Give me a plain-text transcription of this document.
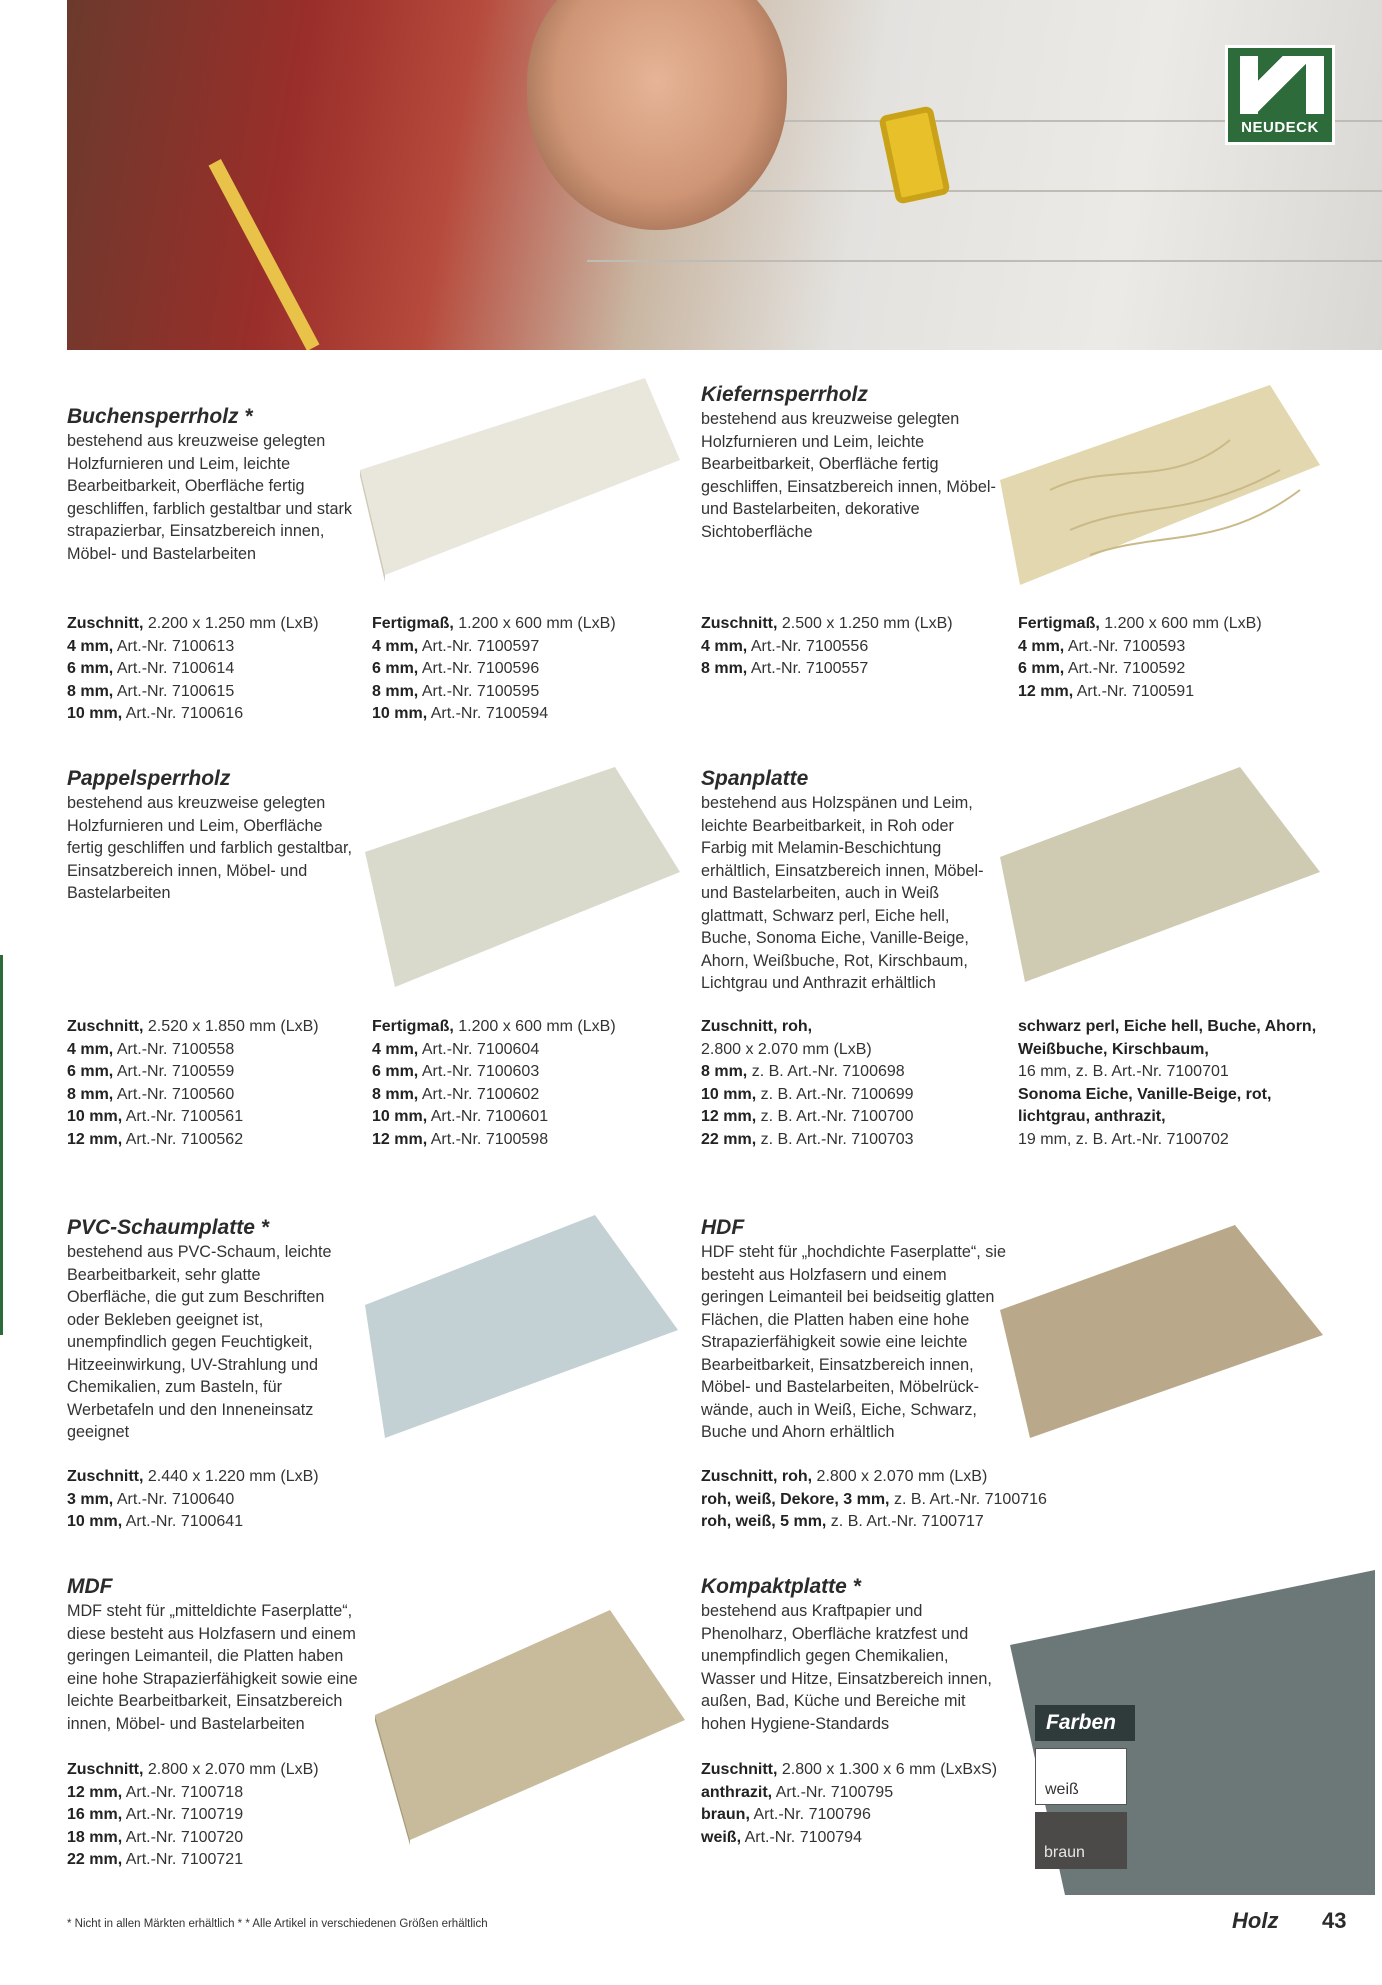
NEUDECK
Buchensperrholz *
bestehend aus kreuzweise gelegten Holzfurnieren und Leim, leichte Bearbeitbarkeit, Oberfläche fertig geschliffen, farblich gestaltbar und stark strapazierbar, Einsatzbereich innen, Möbel- und Bastelarbeiten
Zuschnitt, 2.200 x 1.250 mm (LxB)
4 mm, Art.-Nr. 7100613
6 mm, Art.-Nr. 7100614
8 mm, Art.-Nr. 7100615
10 mm, Art.-Nr. 7100616
Fertigmaß, 1.200 x 600 mm (LxB)
4 mm, Art.-Nr. 7100597
6 mm, Art.-Nr. 7100596
8 mm, Art.-Nr. 7100595
10 mm, Art.-Nr. 7100594
Kiefernsperrholz
bestehend aus kreuzweise gelegten Holzfurnieren und Leim, leichte Bearbeitbarkeit, Oberfläche fertig geschliffen, Einsatzbereich innen, Möbel- und Bastelarbeiten, dekorative Sichtoberfläche
Zuschnitt, 2.500 x 1.250 mm (LxB)
4 mm, Art.-Nr. 7100556
8 mm, Art.-Nr. 7100557
Fertigmaß, 1.200 x 600 mm (LxB)
4 mm, Art.-Nr. 7100593
6 mm, Art.-Nr. 7100592
12 mm, Art.-Nr. 7100591
Pappelsperrholz
bestehend aus kreuzweise gelegten Holzfurnieren und Leim, Oberfläche fertig geschliffen und farblich gestaltbar, Einsatzbereich innen, Möbel- und Bastelarbeiten
Zuschnitt, 2.520 x 1.850 mm (LxB)
4 mm, Art.-Nr. 7100558
6 mm, Art.-Nr. 7100559
8 mm, Art.-Nr. 7100560
10 mm, Art.-Nr. 7100561
12 mm, Art.-Nr. 7100562
Fertigmaß, 1.200 x 600 mm (LxB)
4 mm, Art.-Nr. 7100604
6 mm, Art.-Nr. 7100603
8 mm, Art.-Nr. 7100602
10 mm, Art.-Nr. 7100601
12 mm, Art.-Nr. 7100598
Spanplatte
bestehend aus Holzspänen und Leim, leichte Bearbeitbarkeit, in Roh oder Farbig mit Melamin-Beschichtung erhältlich, Einsatzbereich innen, Möbel- und Bastelarbeiten, auch in Weiß glattmatt, Schwarz perl, Eiche hell, Buche, Sonoma Eiche, Vanille-Beige, Ahorn, Weißbuche, Rot, Kirschbaum, Lichtgrau und Anthrazit erhältlich
Zuschnitt, roh,
2.800 x 2.070 mm (LxB)
8 mm, z. B. Art.-Nr. 7100698
10 mm, z. B. Art.-Nr. 7100699
12 mm, z. B. Art.-Nr. 7100700
22 mm, z. B. Art.-Nr. 7100703
schwarz perl, Eiche hell, Buche, Ahorn,
Weißbuche, Kirschbaum,
16 mm, z. B. Art.-Nr. 7100701
Sonoma Eiche, Vanille-Beige, rot,
lichtgrau, anthrazit,
19 mm, z. B. Art.-Nr. 7100702
PVC-Schaumplatte *
bestehend aus PVC-Schaum, leichte Bearbeitbarkeit, sehr glatte Oberfläche, die gut zum Beschriften oder Bekleben geeignet ist, unempfindlich gegen Feuchtigkeit, Hitzeeinwirkung, UV-Strahlung und Chemikalien, zum Basteln, für Werbetafeln und den Inneneinsatz geeignet
Zuschnitt, 2.440 x 1.220 mm (LxB)
3 mm, Art.-Nr. 7100640
10 mm, Art.-Nr. 7100641
HDF
HDF steht für „hochdichte Faserplatte“, sie besteht aus Holzfasern und einem geringen Leimanteil bei beidseitig glatten Flächen, die Platten haben eine hohe Strapazierfähigkeit sowie eine leichte Bearbeitbarkeit, Einsatzbereich innen, Möbel- und Bastelarbeiten, Möbelrück-wände, auch in Weiß, Eiche, Schwarz, Buche und Ahorn erhältlich
Zuschnitt, roh, 2.800 x 2.070 mm (LxB)
roh, weiß, Dekore, 3 mm, z. B. Art.-Nr. 7100716
roh, weiß, 5 mm, z. B. Art.-Nr. 7100717
MDF
MDF steht für „mitteldichte Faserplatte“, diese besteht aus Holzfasern und einem geringen Leimanteil, die Platten haben eine hohe Strapazierfähigkeit sowie eine leichte Bearbeitbarkeit, Einsatzbereich innen, Möbel- und Bastelarbeiten
Zuschnitt, 2.800 x 2.070 mm (LxB)
12 mm, Art.-Nr. 7100718
16 mm, Art.-Nr. 7100719
18 mm, Art.-Nr. 7100720
22 mm, Art.-Nr. 7100721
Kompaktplatte *
bestehend aus Kraftpapier und Phenolharz, Oberfläche kratzfest und unempfindlich gegen Chemikalien, Wasser und Hitze, Einsatzbereich innen, außen, Bad, Küche und Bereiche mit hohen Hygiene-Standards
Zuschnitt, 2.800 x 1.300 x 6 mm (LxBxS)
anthrazit, Art.-Nr. 7100795
braun, Art.-Nr. 7100796
weiß, Art.-Nr. 7100794
Farben
weiß
braun
* Nicht in allen Märkten erhältlich * * Alle Artikel in verschiedenen Größen erhältlich	Holz 43
